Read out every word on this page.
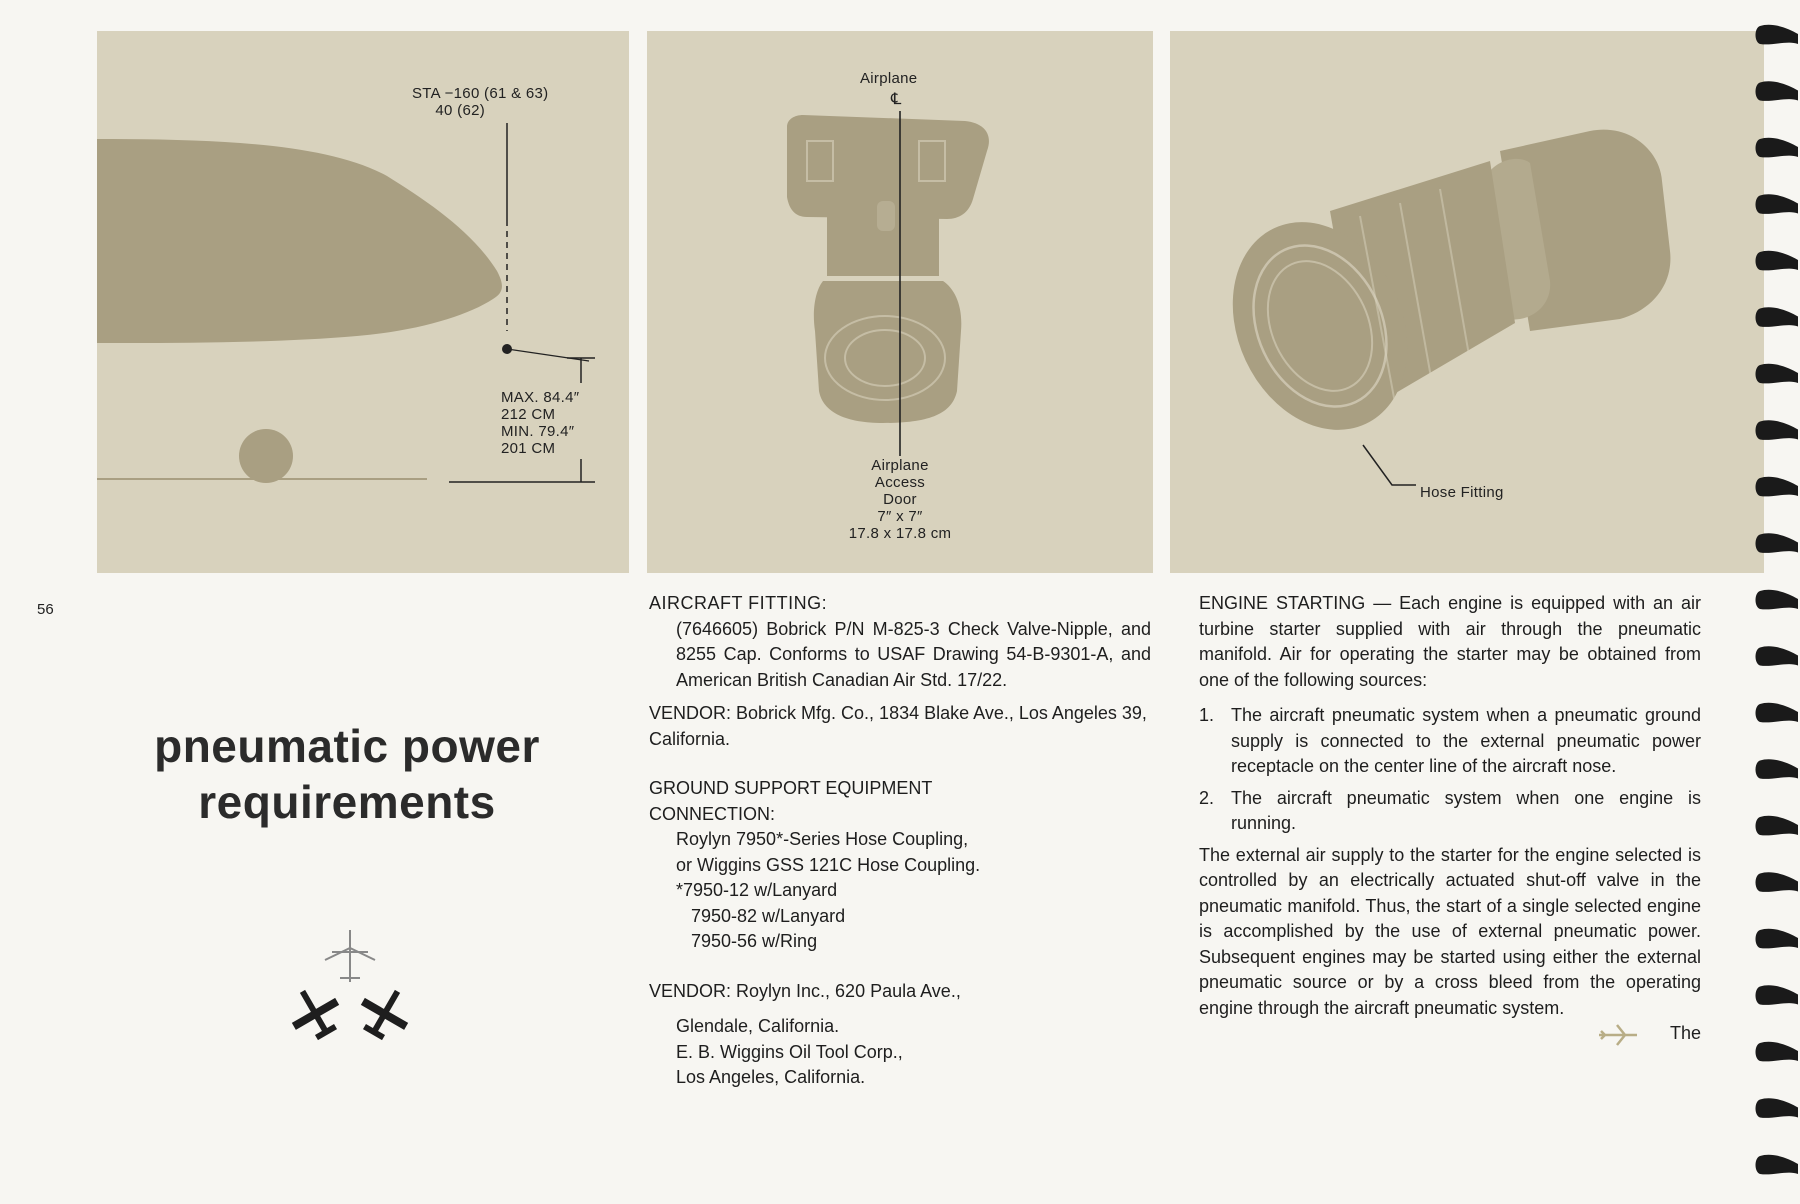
STA −160 (61 & 63)
40 (62)
MAX. 84.4″
212 CM
MIN. 79.4″
201 CM
Airplane
℄
Airplane
Access
Door
7″ x 7″
17.8 x 17.8 cm
Hose Fitting
56
pneumatic power
requirements

AIRCRAFT FITTING:

(7646605) Bobrick P/N M-825-3 Check Valve-Nipple, and 8255 Cap. Conforms to USAF Drawing 54-B-9301-A, and American British Canadian Air Std. 17/22.

VENDOR: Bobrick Mfg. Co., 1834 Blake Ave., Los Angeles 39, California.

GROUND SUPPORT EQUIPMENT

CONNECTION:

Roylyn 7950*-Series Hose Coupling,

or Wiggins GSS 121C Hose Coupling.

*7950-12 w/Lanyard

7950-82 w/Lanyard

7950-56 w/Ring

VENDOR: Roylyn Inc., 620 Paula Ave.,

Glendale, California.

E. B. Wiggins Oil Tool Corp.,

Los Angeles, California.

ENGINE STARTING — Each engine is equipped with an air turbine starter supplied with air through the pneumatic manifold. Air for operating the starter may be obtained from one of the following sources:

1. The aircraft pneumatic system when a pneumatic ground supply is connected to the external pneumatic power receptacle on the center line of the aircraft nose.
2. The aircraft pneumatic system when one engine is running.

The external air supply to the starter for the engine selected is controlled by an electrically actuated shut-off valve in the pneumatic manifold. Thus, the start of a single selected engine is accomplished by the use of external pneumatic power. Subsequent engines may be started using either the external pneumatic source or by a cross bleed from the operating engine through the aircraft pneumatic system.

The
